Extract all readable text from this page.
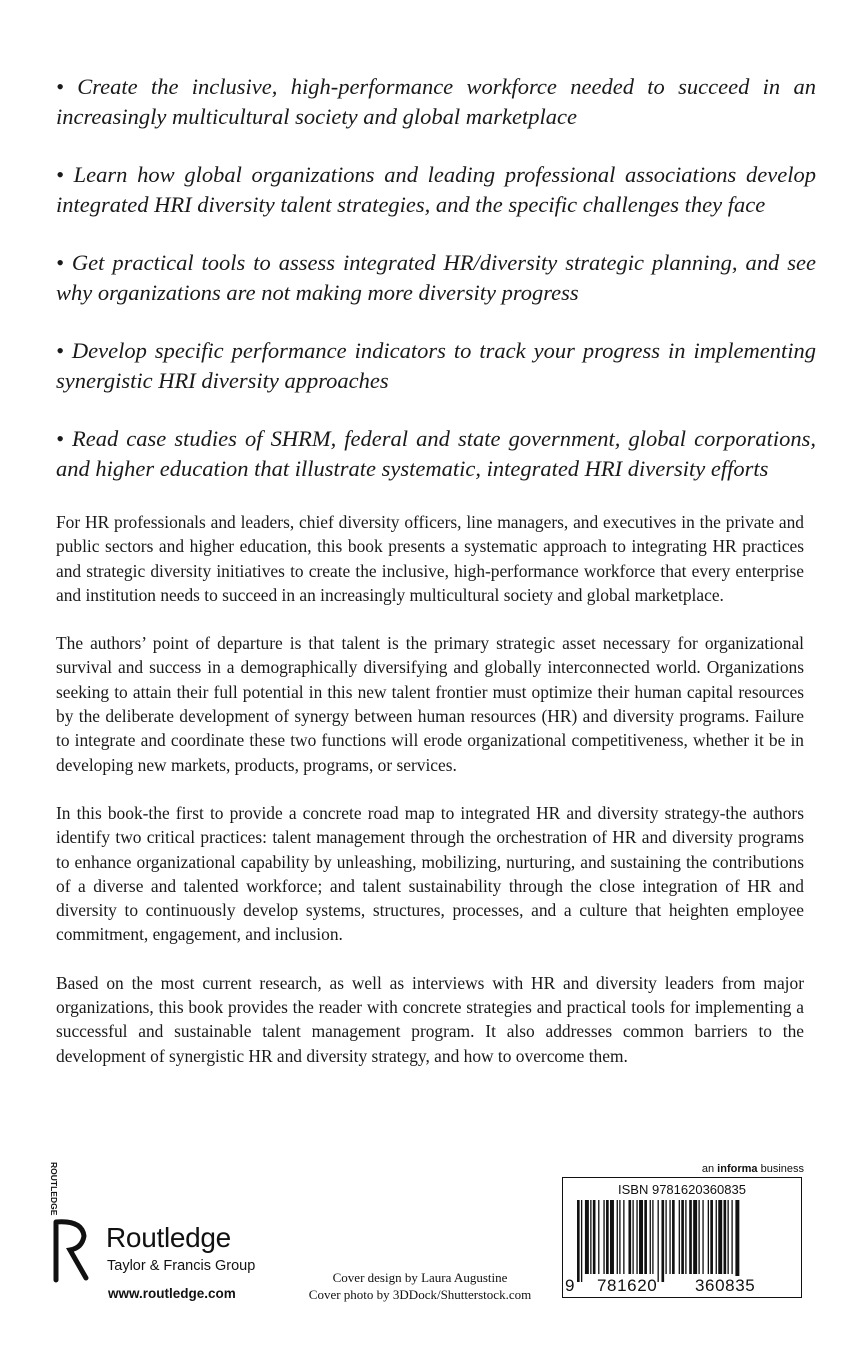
• Create the inclusive, high-performance workforce needed to succeed in an increasingly multicultural society and global marketplace

• Learn how global organizations and leading professional associations develop integrated HRI diversity talent strategies, and the specific challenges they face

• Get practical tools to assess integrated HR/diversity strategic planning, and see why organizations are not making more diversity progress

• Develop specific performance indicators to track your progress in implementing synergistic HRI diversity approaches

• Read case studies of SHRM, federal and state government, global corporations, and higher education that illustrate systematic, integrated HRI diversity efforts

For HR professionals and leaders, chief diversity officers, line managers, and executives in the private and public sectors and higher education, this book presents a systematic approach to integrating HR practices and strategic diversity initiatives to create the inclusive, high-performance workforce that every enterprise and institution needs to succeed in an increasingly multicultural society and global marketplace.

The authors’ point of departure is that talent is the primary strategic asset necessary for organizational survival and success in a demographically diversifying and globally interconnected world. Organizations seeking to attain their full potential in this new talent frontier must optimize their human capital resources by the deliberate development of synergy between human resources (HR) and diversity programs. Failure to integrate and coordinate these two functions will erode organizational competitiveness, whether it be in developing new markets, products, programs, or services.

In this book-the first to provide a concrete road map to integrated HR and diversity strategy-the authors identify two critical practices: talent management through the orchestration of HR and diversity programs to enhance organizational capability by unleashing, mobilizing, nurturing, and sustaining the contributions of a diverse and talented workforce; and talent sustainability through the close integration of HR and diversity to continuously develop systems, structures, processes, and a culture that heighten employee commitment, engagement, and inclusion.

Based on the most current research, as well as interviews with HR and diversity leaders from major organizations, this book provides the reader with concrete strategies and practical tools for implementing a successful and sustainable talent management program. It also addresses common barriers to the development of synergistic HR and diversity strategy, and how to overcome them.

ROUTLEDGE
Routledge
Taylor & Francis Group
www.routledge.com
Cover design by Laura Augustine
Cover photo by 3DDock/Shutterstock.com
an informa business
ISBN 9781620360835
9 781620 360835
